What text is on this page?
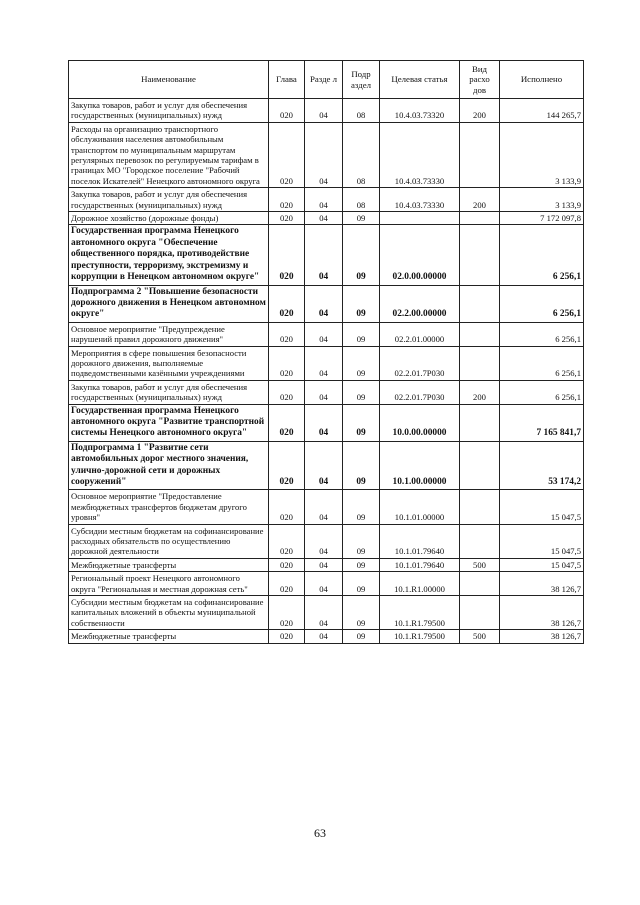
Наименование	Глава	Разде л	Подр аздел	Целевая статья	Вид расхо дов	Исполнено
Закупка товаров, работ и услуг для обеспечения государственных (муниципальных) нужд	020	04	08	10.4.03.73320	200	144 265,7
Расходы на организацию транспортного обслуживания населения автомобильным транспортом по муниципальным маршрутам регулярных перевозок по регулируемым тарифам в границах МО "Городское поселение "Рабочий поселок Искателей" Ненецкого автономного округа	020	04	08	10.4.03.73330		3 133,9
Закупка товаров, работ и услуг для обеспечения государственных (муниципальных) нужд	020	04	08	10.4.03.73330	200	3 133,9
Дорожное хозяйство (дорожные фонды)	020	04	09			7 172 097,8
Государственная программа Ненецкого автономного округа "Обеспечение общественного порядка, противодействие преступности, терроризму, экстремизму и коррупции в Ненецком автономном округе"	020	04	09	02.0.00.00000		6 256,1
Подпрограмма 2 "Повышение безопасности дорожного движения в Ненецком автономном округе"	020	04	09	02.2.00.00000		6 256,1
Основное мероприятие "Предупреждение нарушений правил дорожного движения"	020	04	09	02.2.01.00000		6 256,1
Мероприятия в сфере повышения безопасности дорожного движения, выполняемые подведомственными казёнными учреждениями	020	04	09	02.2.01.7Р030		6 256,1
Закупка товаров, работ и услуг для обеспечения государственных (муниципальных) нужд	020	04	09	02.2.01.7Р030	200	6 256,1
Государственная программа Ненецкого автономного округа "Развитие транспортной системы Ненецкого автономного округа"	020	04	09	10.0.00.00000		7 165 841,7
Подпрограмма 1 "Развитие сети автомобильных дорог местного значения, улично-дорожной сети и дорожных сооружений"	020	04	09	10.1.00.00000		53 174,2
Основное мероприятие "Предоставление межбюджетных трансфертов бюджетам другого уровня"	020	04	09	10.1.01.00000		15 047,5
Субсидии местным бюджетам на софинансирование расходных обязательств по осуществлению дорожной деятельности	020	04	09	10.1.01.79640		15 047,5
Межбюджетные трансферты	020	04	09	10.1.01.79640	500	15 047,5
Региональный проект Ненецкого автономного округа "Региональная и местная дорожная сеть"	020	04	09	10.1.R1.00000		38 126,7
Субсидии местным бюджетам на софинансирование капитальных вложений в объекты муниципальной собственности	020	04	09	10.1.R1.79500		38 126,7
Межбюджетные трансферты	020	04	09	10.1.R1.79500	500	38 126,7
63
